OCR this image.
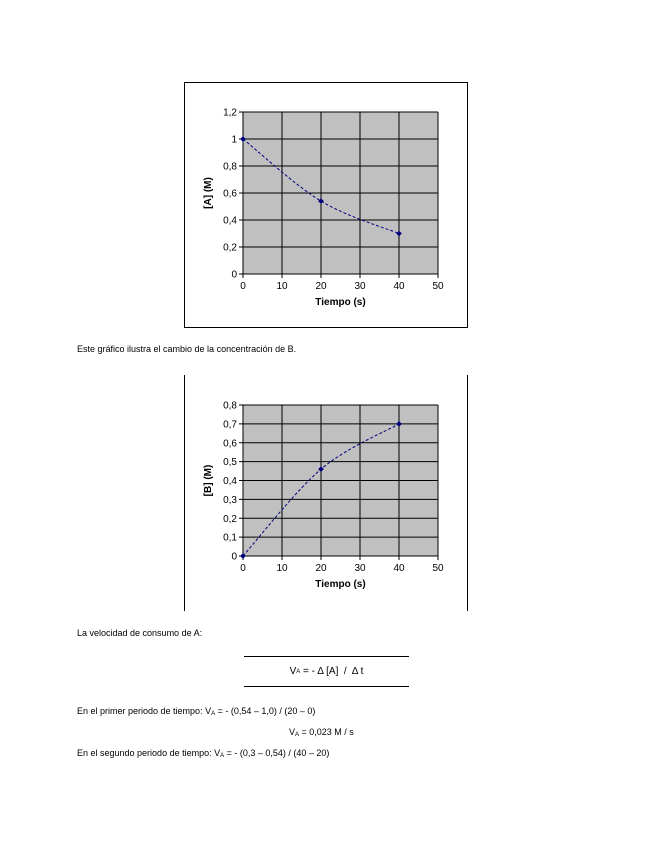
0
0,2
0,4
0,6
0,8
1
1,2
0	10	20	30	40	50
Tiempo (s)
[A] (M)
Este gráfico ilustra el cambio de la concentración de B.
0
0,1
0,2
0,3
0,4
0,5
0,6
0,7
0,8
0	10	20	30	40	50
Tiempo (s)
[B] (M)
La velocidad de consumo de A:
V A = - Δ [A]  /  Δ t
En el primer periodo de tiempo: $V_A$ = - (0,54 – 1,0) / (20 – 0)
$V_A = 0,023$ M / s
En el segundo periodo de tiempo: $V_A$ = - (0,3 – 0,54) / (40 – 20)
